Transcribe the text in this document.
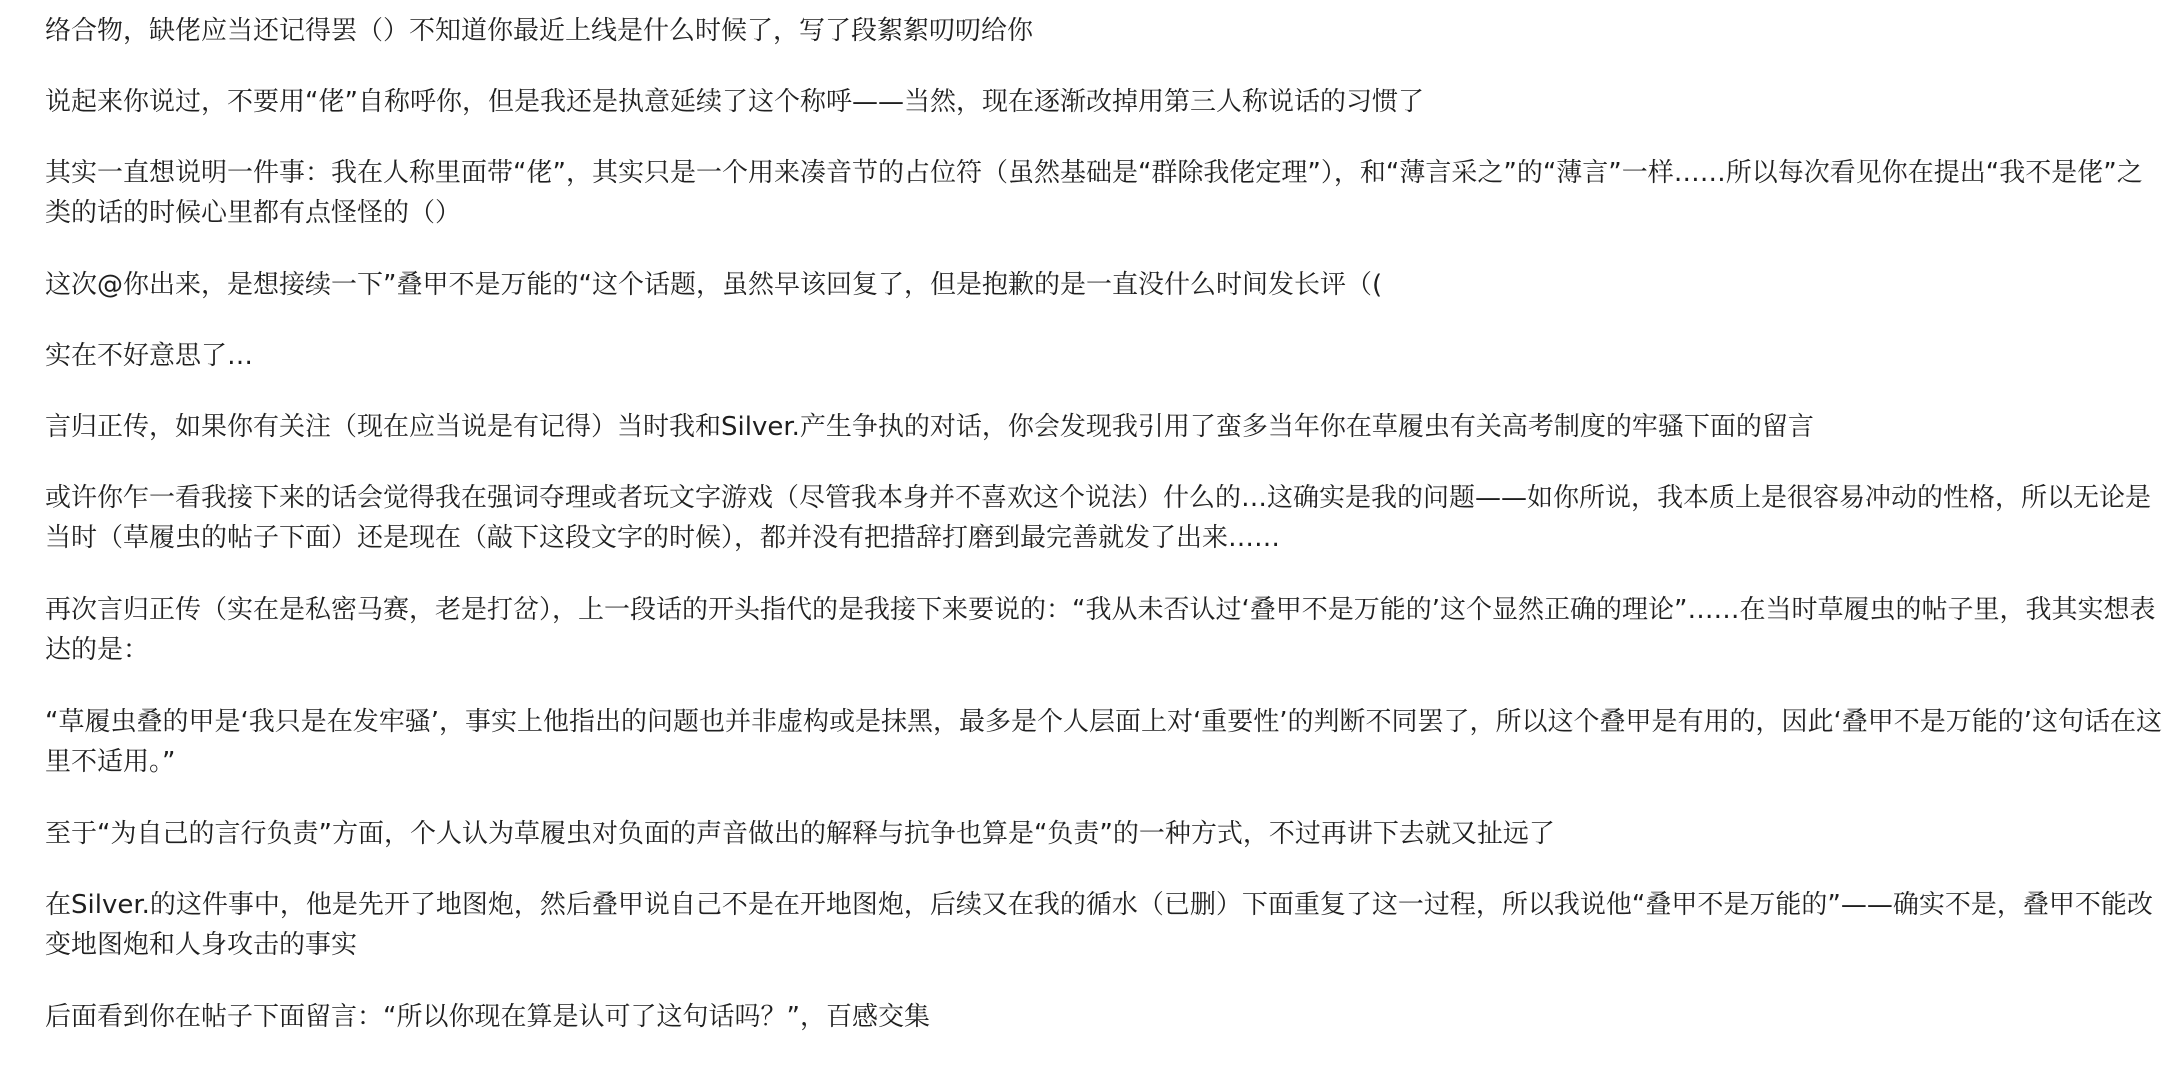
络合物，缺佬应当还记得罢（）不知道你最近上线是什么时候了，写了段絮絮叨叨给你

说起来你说过，不要用“佬”自称呼你，但是我还是执意延续了这个称呼——当然，现在逐渐改掉用第三人称说话的习惯了

其实一直想说明一件事：我在人称里面带“佬”，其实只是一个用来凑音节的占位符（虽然基础是“群除我佬定理”），和“薄言采之”的“薄言”一样……所以每次看见你在提出“我不是佬”之类的话的时候心里都有点怪怪的（）

这次@你出来，是想接续一下”叠甲不是万能的“这个话题，虽然早该回复了，但是抱歉的是一直没什么时间发长评（(

实在不好意思了…

言归正传，如果你有关注（现在应当说是有记得）当时我和Silver.产生争执的对话，你会发现我引用了蛮多当年你在草履虫有关高考制度的牢骚下面的留言

或许你乍一看我接下来的话会觉得我在强词夺理或者玩文字游戏（尽管我本身并不喜欢这个说法）什么的…这确实是我的问题——如你所说，我本质上是很容易冲动的性格，所以无论是当时（草履虫的帖子下面）还是现在（敲下这段文字的时候），都并没有把措辞打磨到最完善就发了出来……

再次言归正传（实在是私密马赛，老是打岔），上一段话的开头指代的是我接下来要说的：“我从未否认过‘叠甲不是万能的’这个显然正确的理论”……在当时草履虫的帖子里，我其实想表达的是：

“草履虫叠的甲是‘我只是在发牢骚’，事实上他指出的问题也并非虚构或是抹黑，最多是个人层面上对‘重要性’的判断不同罢了，所以这个叠甲是有用的，因此‘叠甲不是万能的’这句话在这里不适用。”

至于“为自己的言行负责”方面，个人认为草履虫对负面的声音做出的解释与抗争也算是“负责”的一种方式，不过再讲下去就又扯远了

在Silver.的这件事中，他是先开了地图炮，然后叠甲说自己不是在开地图炮，后续又在我的循水（已删）下面重复了这一过程，所以我说他“叠甲不是万能的”——确实不是，叠甲不能改变地图炮和人身攻击的事实

后面看到你在帖子下面留言：“所以你现在算是认可了这句话吗？”，百感交集
